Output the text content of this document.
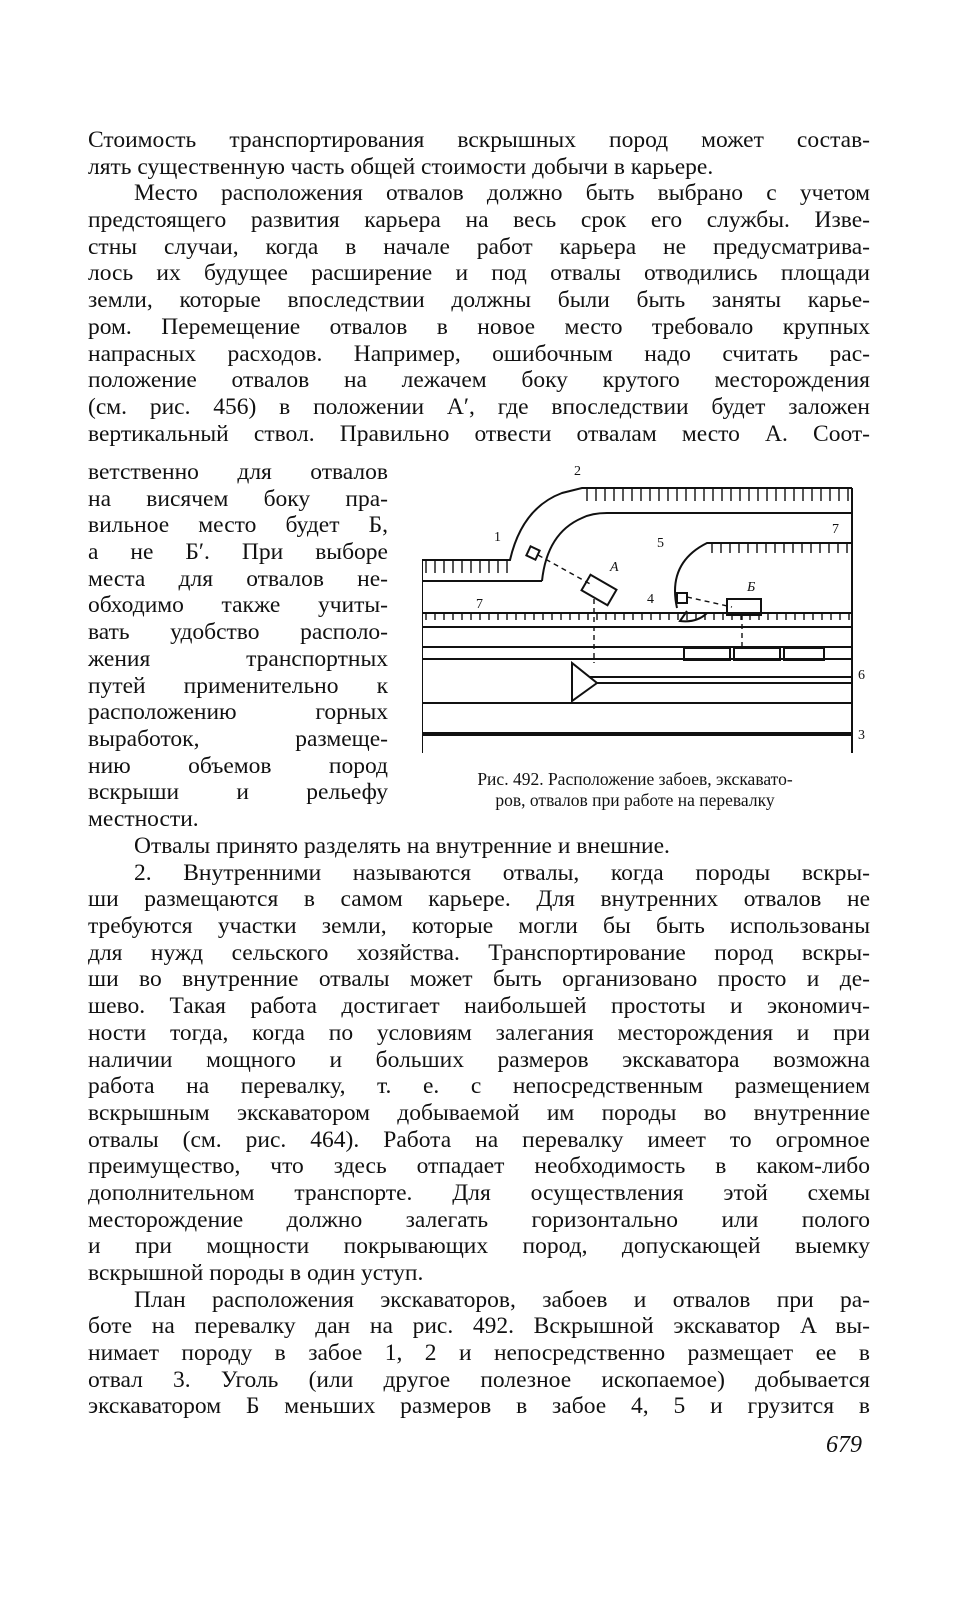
Стоимость транспортирования вскрышных пород может состав-
лять существенную часть общей стоимости добычи в карьере.
Место расположения отвалов должно быть выбрано с учетом
предстоящего развития карьера на весь срок его службы. Изве-
стны случаи, когда в начале работ карьера не предусматрива-
лось их будущее расширение и под отвалы отводились площади
земли, которые впоследствии должны были быть заняты карье-
ром. Перемещение отвалов в новое место требовало крупных
напрасных расходов. Например, ошибочным надо считать рас-
положение отвалов на лежачем боку крутого месторождения
(см. рис. 456) в положении A′, где впоследствии будет заложен
вертикальный ствол. Правильно отвести отвалам место A. Соот-
ветственно для отвалов
на висячем боку пра-
вильное место будет Б,
а не Б′. При выборе
места для отвалов не-
обходимо также учиты-
вать удобство располо-
жения транспортных
путей применительно к
расположению горных
выработок, размеще-
нию объемов пород
вскрыши и рельефу
местности.
1
2
3
4
5
6
7
7
А
Б
Рис. 492. Расположение забоев, экскавато-
ров, отвалов при работе на перевалку
Отвалы принято разделять на внутренние и внешние.
2. Внутренними называются отвалы, когда породы вскры-
ши размещаются в самом карьере. Для внутренних отвалов не
требуются участки земли, которые могли бы быть использованы
для нужд сельского хозяйства. Транспортирование пород вскры-
ши во внутренние отвалы может быть организовано просто и де-
шево. Такая работа достигает наибольшей простоты и экономич-
ности тогда, когда по условиям залегания месторождения и при
наличии мощного и больших размеров экскаватора возможна
работа на перевалку, т. е. с непосредственным размещением
вскрышным экскаватором добываемой им породы во внутренние
отвалы (см. рис. 464). Работа на перевалку имеет то огромное
преимущество, что здесь отпадает необходимость в каком-либо
дополнительном транспорте. Для осуществления этой схемы
месторождение должно залегать горизонтально или полого
и при мощности покрывающих пород, допускающей выемку
вскрышной породы в один уступ.
План расположения экскаваторов, забоев и отвалов при ра-
боте на перевалку дан на рис. 492. Вскрышной экскаватор A вы-
нимает породу в забое 1, 2 и непосредственно размещает ее в
отвал 3. Уголь (или другое полезное ископаемое) добывается
экскаватором Б меньших размеров в забое 4, 5 и грузится в
679
